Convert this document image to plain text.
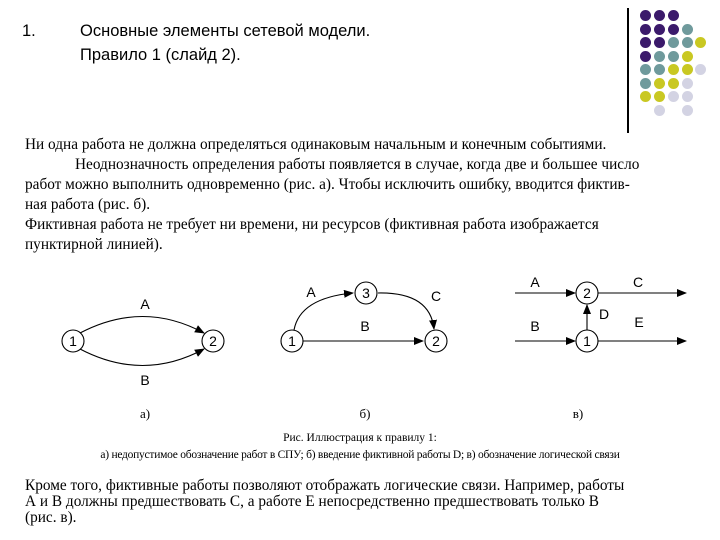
1.	Основные элементы сетевой модели.
Правило 1 (слайд 2).
Ни одна работа не должна определяться одинаковым начальным и конечным событиями.
Неоднозначность определения работы появляется в случае, когда две и большее число
работ можно выполнить одновременно (рис. а). Чтобы исключить ошибку, вводится фиктив-
ная работа (рис. б).
Фиктивная работа не требует ни времени, ни ресурсов (фиктивная работа изображается
пунктирной линией).
1	2
A
B
а)
1
3
2
A
B
C
б)
2
1
A
B
C
D E
в)
Рис. Иллюстрация к правилу 1:
а) недопустимое обозначение работ в СПУ; б) введение фиктивной работы D; в) обозначение логической связи
Кроме того, фиктивные работы позволяют отображать логические связи. Например, работы
А и В должны предшествовать С, а работе Е непосредственно предшествовать только В
(рис. в).
